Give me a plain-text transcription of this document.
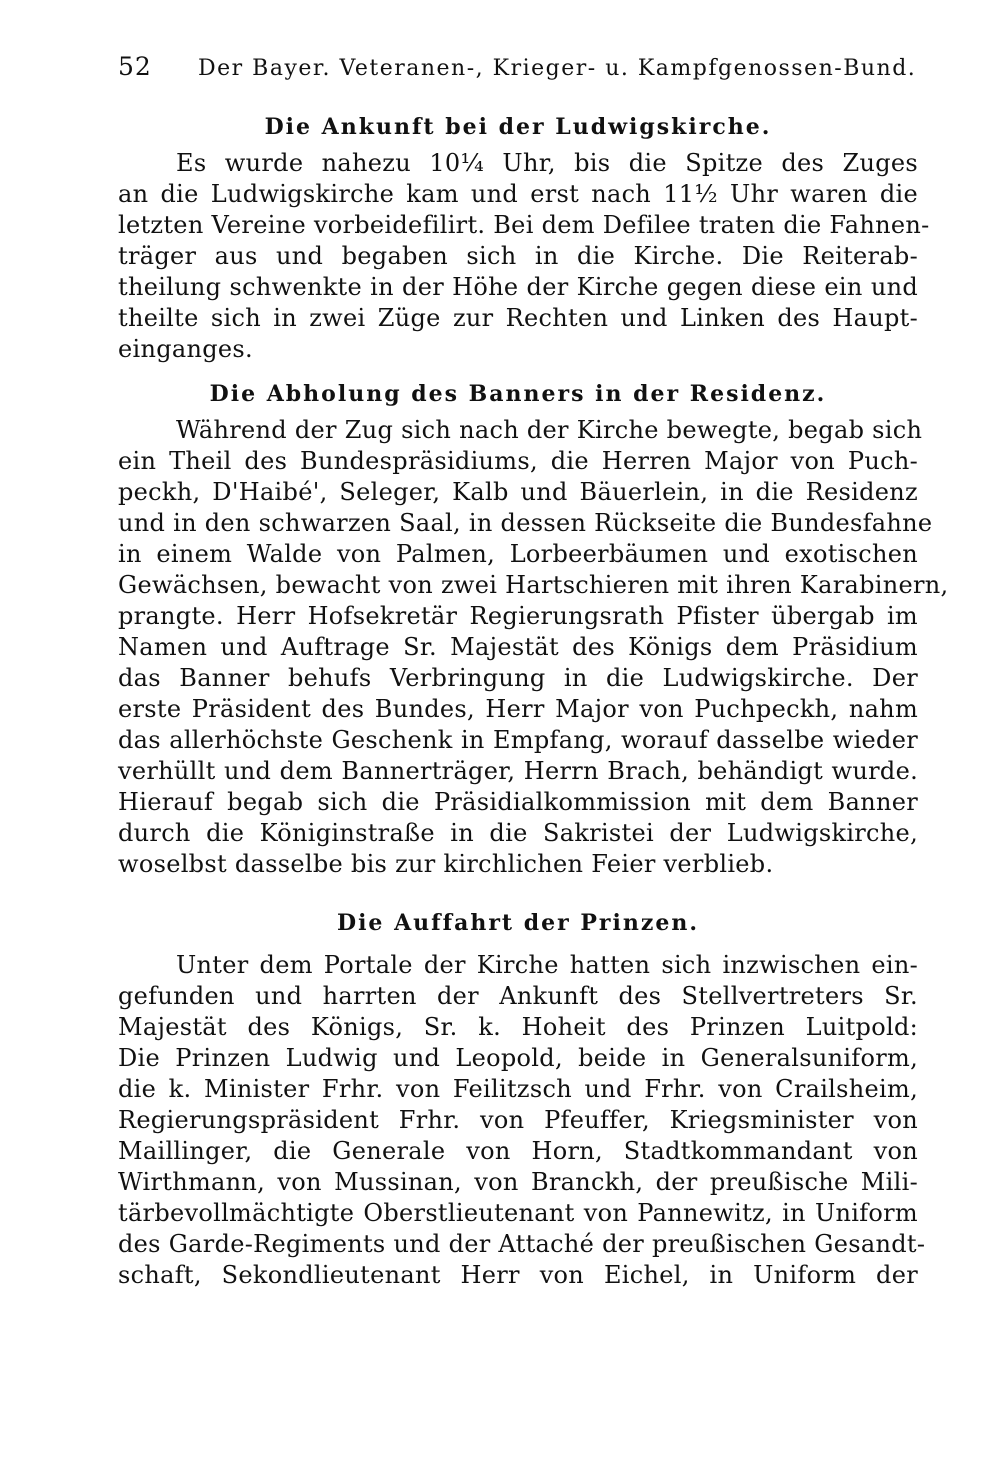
52	Der Bayer. Veteranen-, Krieger- u. Kampfgenossen-Bund.
Die Ankunft bei der Ludwigskirche.
Es wurde nahezu 10¼ Uhr, bis die Spitze des Zuges
an die Ludwigskirche kam und erst nach 11½ Uhr waren die
letzten Vereine vorbeidefilirt. Bei dem Defilee traten die Fahnen-
träger aus und begaben sich in die Kirche. Die Reiterab-
theilung schwenkte in der Höhe der Kirche gegen diese ein und
theilte sich in zwei Züge zur Rechten und Linken des Haupt-
einganges.
Die Abholung des Banners in der Residenz.
Während der Zug sich nach der Kirche bewegte, begab sich
ein Theil des Bundespräsidiums, die Herren Major von Puch-
peckh, D'Haibé', Seleger, Kalb und Bäuerlein, in die Residenz
und in den schwarzen Saal, in dessen Rückseite die Bundesfahne
in einem Walde von Palmen, Lorbeerbäumen und exotischen
Gewächsen, bewacht von zwei Hartschieren mit ihren Karabinern,
prangte. Herr Hofsekretär Regierungsrath Pfister übergab im
Namen und Auftrage Sr. Majestät des Königs dem Präsidium
das Banner behufs Verbringung in die Ludwigskirche. Der
erste Präsident des Bundes, Herr Major von Puchpeckh, nahm
das allerhöchste Geschenk in Empfang, worauf dasselbe wieder
verhüllt und dem Bannerträger, Herrn Brach, behändigt wurde.
Hierauf begab sich die Präsidialkommission mit dem Banner
durch die Königinstraße in die Sakristei der Ludwigskirche,
woselbst dasselbe bis zur kirchlichen Feier verblieb.
Die Auffahrt der Prinzen.
Unter dem Portale der Kirche hatten sich inzwischen ein-
gefunden und harrten der Ankunft des Stellvertreters Sr.
Majestät des Königs, Sr. k. Hoheit des Prinzen Luitpold:
Die Prinzen Ludwig und Leopold, beide in Generalsuniform,
die k. Minister Frhr. von Feilitzsch und Frhr. von Crailsheim,
Regierungspräsident Frhr. von Pfeuffer, Kriegsminister von
Maillinger, die Generale von Horn, Stadtkommandant von
Wirthmann, von Mussinan, von Branckh, der preußische Mili-
tärbevollmächtigte Oberstlieutenant von Pannewitz, in Uniform
des Garde-Regiments und der Attaché der preußischen Gesandt-
schaft, Sekondlieutenant Herr von Eichel, in Uniform der
